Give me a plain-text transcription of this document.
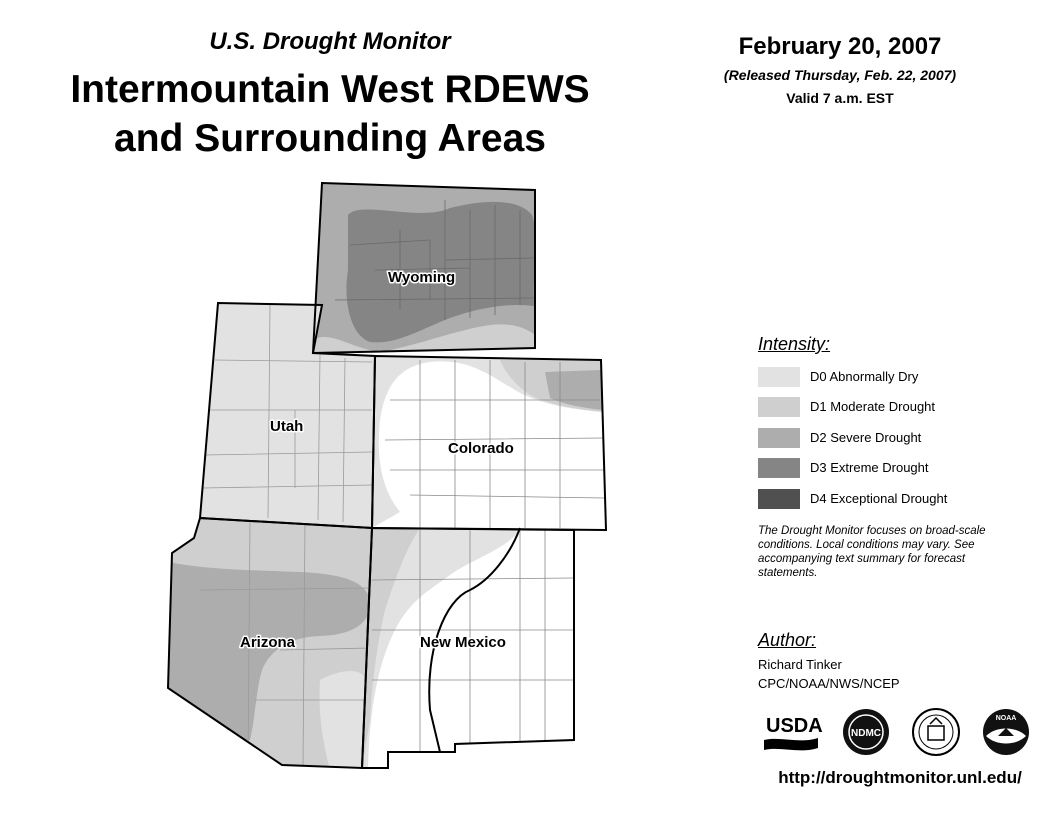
U.S. Drought Monitor
Intermountain West RDEWS
and Surrounding Areas
February 20, 2007
(Released Thursday, Feb. 22, 2007)
Valid 7 a.m. EST
Wyoming
Utah
Colorado
Arizona	New Mexico
Intensity:
D0 Abnormally Dry
D1 Moderate Drought
D2 Severe Drought
D3 Extreme Drought
D4 Exceptional Drought
The Drought Monitor focuses on broad-scale conditions. Local conditions may vary. See accompanying text summary for forecast statements.
Author:
Richard Tinker
CPC/NOAA/NWS/NCEP
USDA	NDMC
NOAA
http://droughtmonitor.unl.edu/
